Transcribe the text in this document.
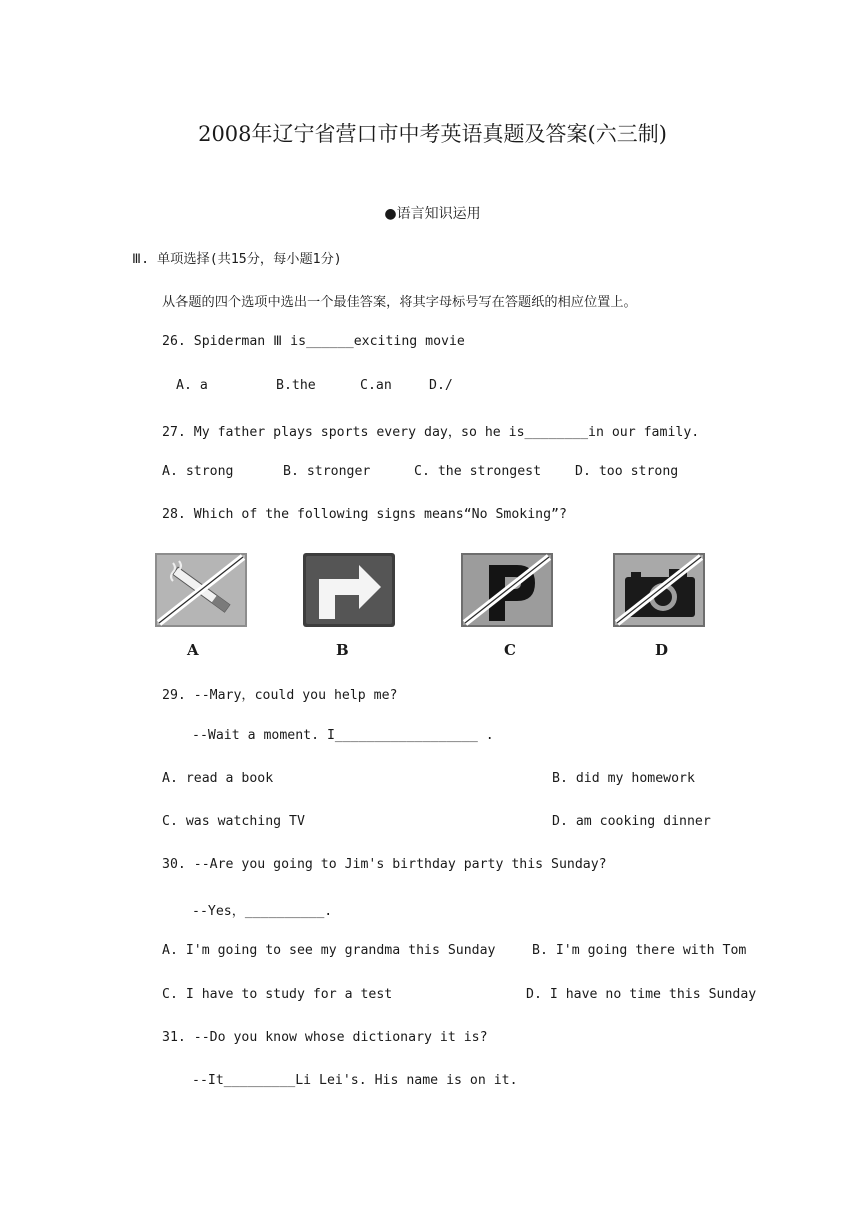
2008年辽宁省营口市中考英语真题及答案(六三制)
●语言知识运用
Ⅲ. 单项选择(共15分，每小题1分)
从各题的四个选项中选出一个最佳答案，将其字母标号写在答题纸的相应位置上。
26. Spiderman Ⅲ is______exciting movie
A. a	B.the	C.an	D./
27. My father plays sports every day，so he is________in our family.
A. strong	B. stronger	C. the strongest	D. too strong
28. Which of the following signs means“No Smoking”?
A	B	C	D
29. --Mary，could you help me?
--Wait a moment. I__________________ .
A. read a book	B. did my homework
C. was watching TV	D. am cooking dinner
30. --Are you going to Jim's birthday party this Sunday?
--Yes，__________.
A. I'm going to see my grandma this Sunday	B. I'm going there with Tom
C. I have to study for a test	D. I have no time this Sunday
31. --Do you know whose dictionary it is?
--It_________Li Lei's. His name is on it.
